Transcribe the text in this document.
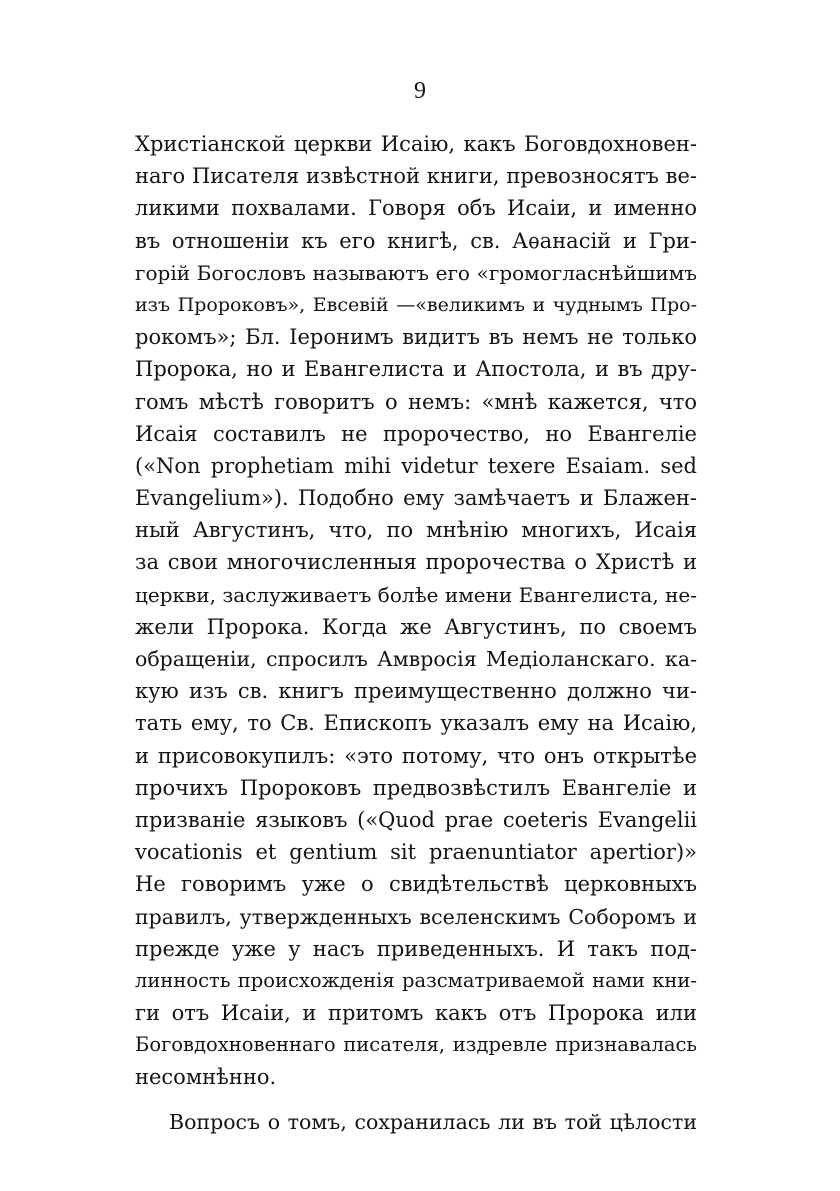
9
Христіанской церкви Исаію, какъ Боговдохновен-
наго Писателя извѣстной книги, превозносятъ ве-
ликими похвалами. Говоря объ Исаіи, и именно
въ отношеніи къ его книгѣ, св. Аѳанасій и Гри-
горій Богословъ называютъ его «громогласнѣйшимъ
изъ Пророковъ», Евсевій —«великимъ и чуднымъ Про-
рокомъ»; Бл. Іеронимъ видитъ въ немъ не только
Пророка, но и Евангелиста и Апостола, и въ дру-
гомъ мѣстѣ говоритъ о немъ: «мнѣ кажется, что
Исаія составилъ не пророчество, но Евангеліе
(«Non prophetiam mihi videtur texere Esaiam. sed
Evangelium»). Подобно ему замѣчаетъ и Блажен-
ный Августинъ, что, по мнѣнію многихъ, Исаія
за свои многочисленныя пророчества о Христѣ и
церкви, заслуживаетъ болѣе имени Евангелиста, не-
жели Пророка. Когда же Августинъ, по своемъ
обращеніи, спросилъ Амвросія Медіоланскаго. ка-
кую изъ св. книгъ преимущественно должно чи-
тать ему, то Св. Епископъ указалъ ему на Исаію,
и присовокупилъ: «это потому, что онъ открытѣе
прочихъ Пророковъ предвозвѣстилъ Евангеліе и
призваніе языковъ («Quod prae coeteris Evangelii
vocationis et gentium sit praenuntiator apertior)»
Не говоримъ уже о свидѣтельствѣ церковныхъ
правилъ, утвержденныхъ вселенскимъ Соборомъ и
прежде уже у насъ приведенныхъ. И такъ под-
линность происхожденія разсматриваемой нами кни-
ги отъ Исаіи, и притомъ какъ отъ Пророка или
Боговдохновеннаго писателя, издревле признавалась
несомнѣнно.
Вопросъ о томъ, сохранилась ли въ той цѣлости
